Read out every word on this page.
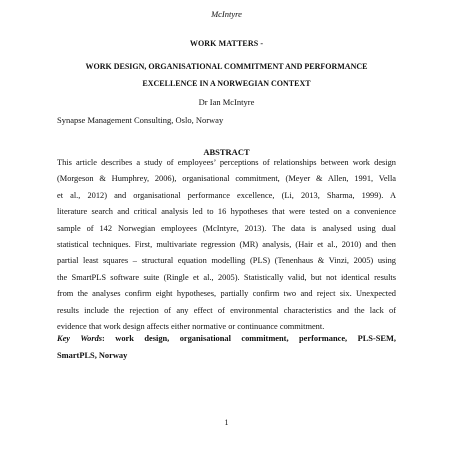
McIntyre
WORK MATTERS -
WORK DESIGN, ORGANISATIONAL COMMITMENT AND PERFORMANCE
EXCELLENCE IN A NORWEGIAN CONTEXT
Dr Ian McIntyre
Synapse Management Consulting, Oslo, Norway
ABSTRACT
This article describes a study of employees’ perceptions of relationships between work design
(Morgeson & Humphrey, 2006), organisational commitment, (Meyer & Allen, 1991, Vella
et al., 2012) and organisational performance excellence, (Li, 2013, Sharma, 1999). A
literature search and critical analysis led to 16 hypotheses that were tested on a convenience
sample of 142 Norwegian employees (McIntyre, 2013). The data is analysed using dual
statistical techniques. First, multivariate regression (MR) analysis, (Hair et al., 2010) and then
partial least squares – structural equation modelling (PLS) (Tenenhaus & Vinzi, 2005) using
the SmartPLS software suite (Ringle et al., 2005). Statistically valid, but not identical results
from the analyses confirm eight hypotheses, partially confirm two and reject six. Unexpected
results include the rejection of any effect of environmental characteristics and the lack of
evidence that work design affects either normative or continuance commitment.
Key Words: work design, organisational commitment, performance, PLS-SEM,
SmartPLS, Norway
1
